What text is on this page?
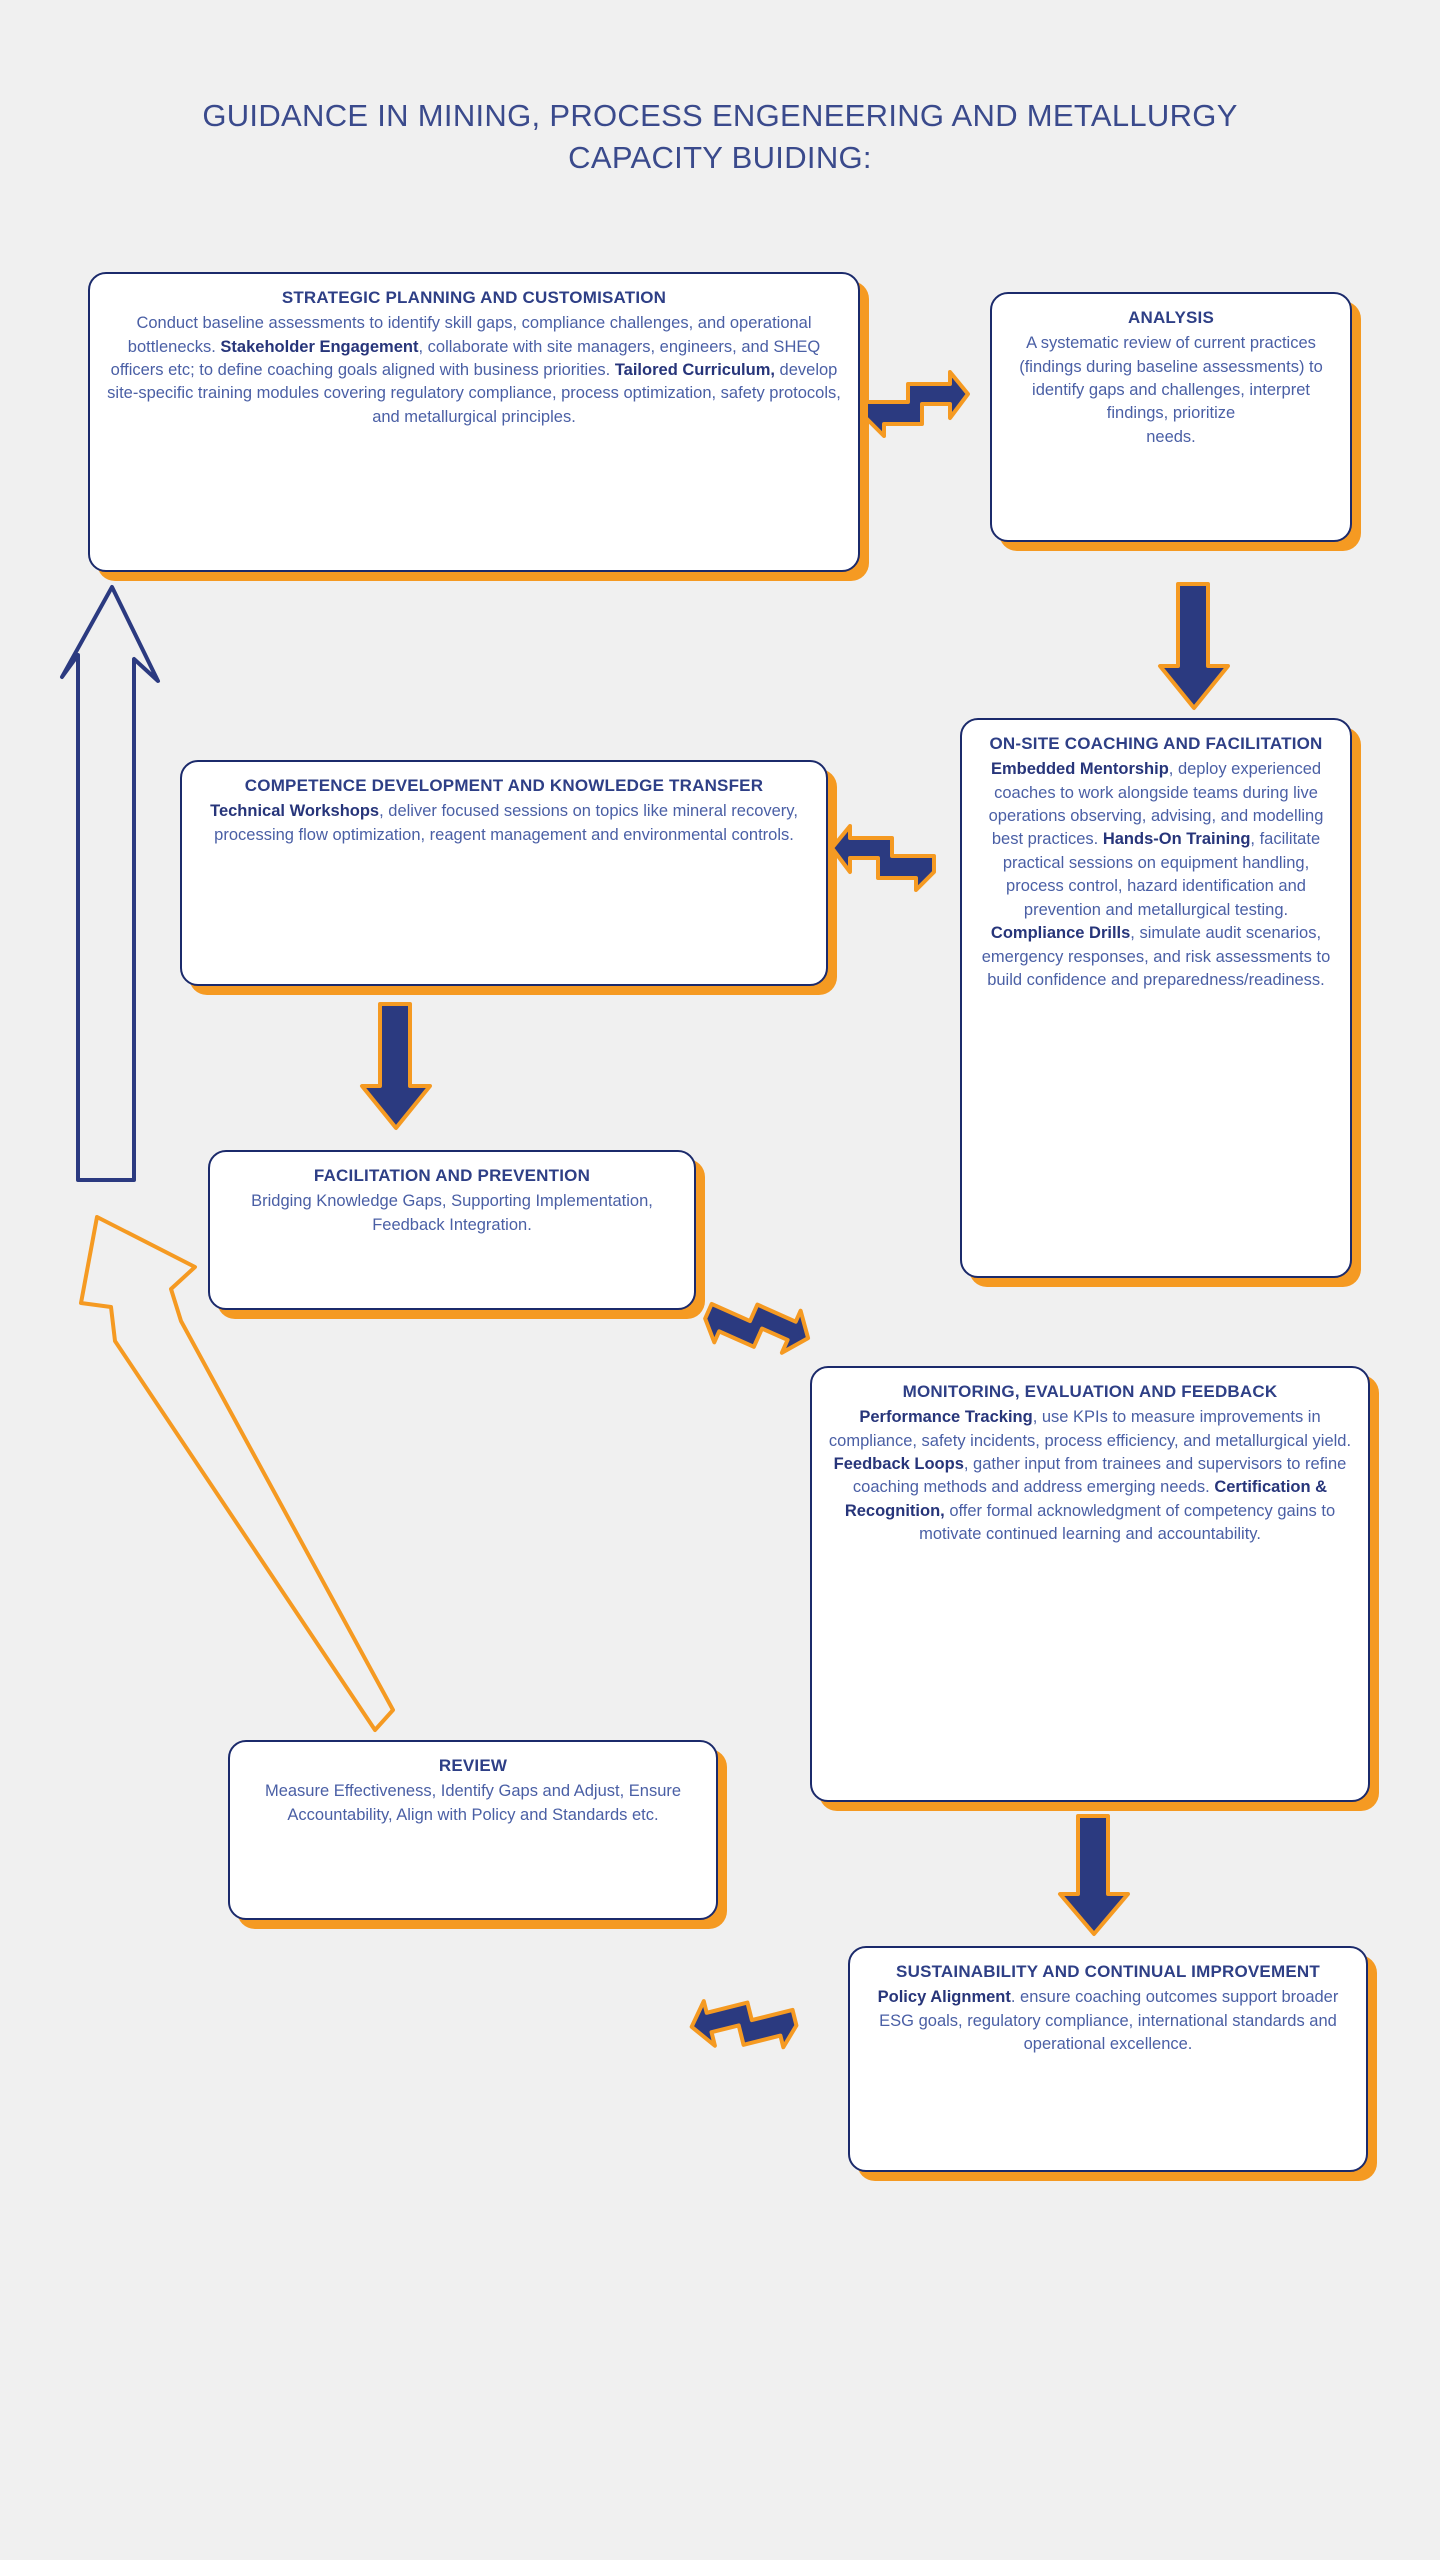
GUIDANCE IN MINING, PROCESS ENGENEERING AND METALLURGY
CAPACITY BUIDING:
STRATEGIC PLANNING AND CUSTOMISATION

Conduct baseline assessments to identify skill gaps, compliance challenges, and operational bottlenecks. Stakeholder Engagement, collaborate with site managers, engineers, and SHEQ officers etc; to define coaching goals aligned with business priorities. Tailored Curriculum, develop site-specific training modules covering regulatory compliance, process optimization, safety protocols, and metallurgical principles.

ANALYSIS

A systematic review of current practices (findings during baseline assessments) to identify gaps and challenges, interpret findings, prioritize
needs.

ON-SITE COACHING AND FACILITATION

Embedded Mentorship, deploy experienced coaches to work alongside teams during live operations observing, advising, and modelling best practices. Hands-On Training, facilitate practical sessions on equipment handling, process control, hazard identification and prevention and metallurgical testing. Compliance Drills, simulate audit scenarios, emergency responses, and risk assessments to build confidence and preparedness/readiness.

COMPETENCE DEVELOPMENT AND KNOWLEDGE TRANSFER

Technical Workshops, deliver focused sessions on topics like mineral recovery, processing flow optimization, reagent management and environmental controls.

FACILITATION AND PREVENTION

Bridging Knowledge Gaps, Supporting Implementation, Feedback Integration.

MONITORING, EVALUATION AND FEEDBACK

Performance Tracking, use KPIs to measure improvements in compliance, safety incidents, process efficiency, and metallurgical yield. Feedback Loops, gather input from trainees and supervisors to refine coaching methods and address emerging needs. Certification & Recognition, offer formal acknowledgment of competency gains to motivate continued learning and accountability.

REVIEW

Measure Effectiveness, Identify Gaps and Adjust, Ensure Accountability, Align with Policy and Standards etc.

SUSTAINABILITY AND CONTINUAL IMPROVEMENT

Policy Alignment. ensure coaching outcomes support broader ESG goals, regulatory compliance, international standards and operational excellence.
